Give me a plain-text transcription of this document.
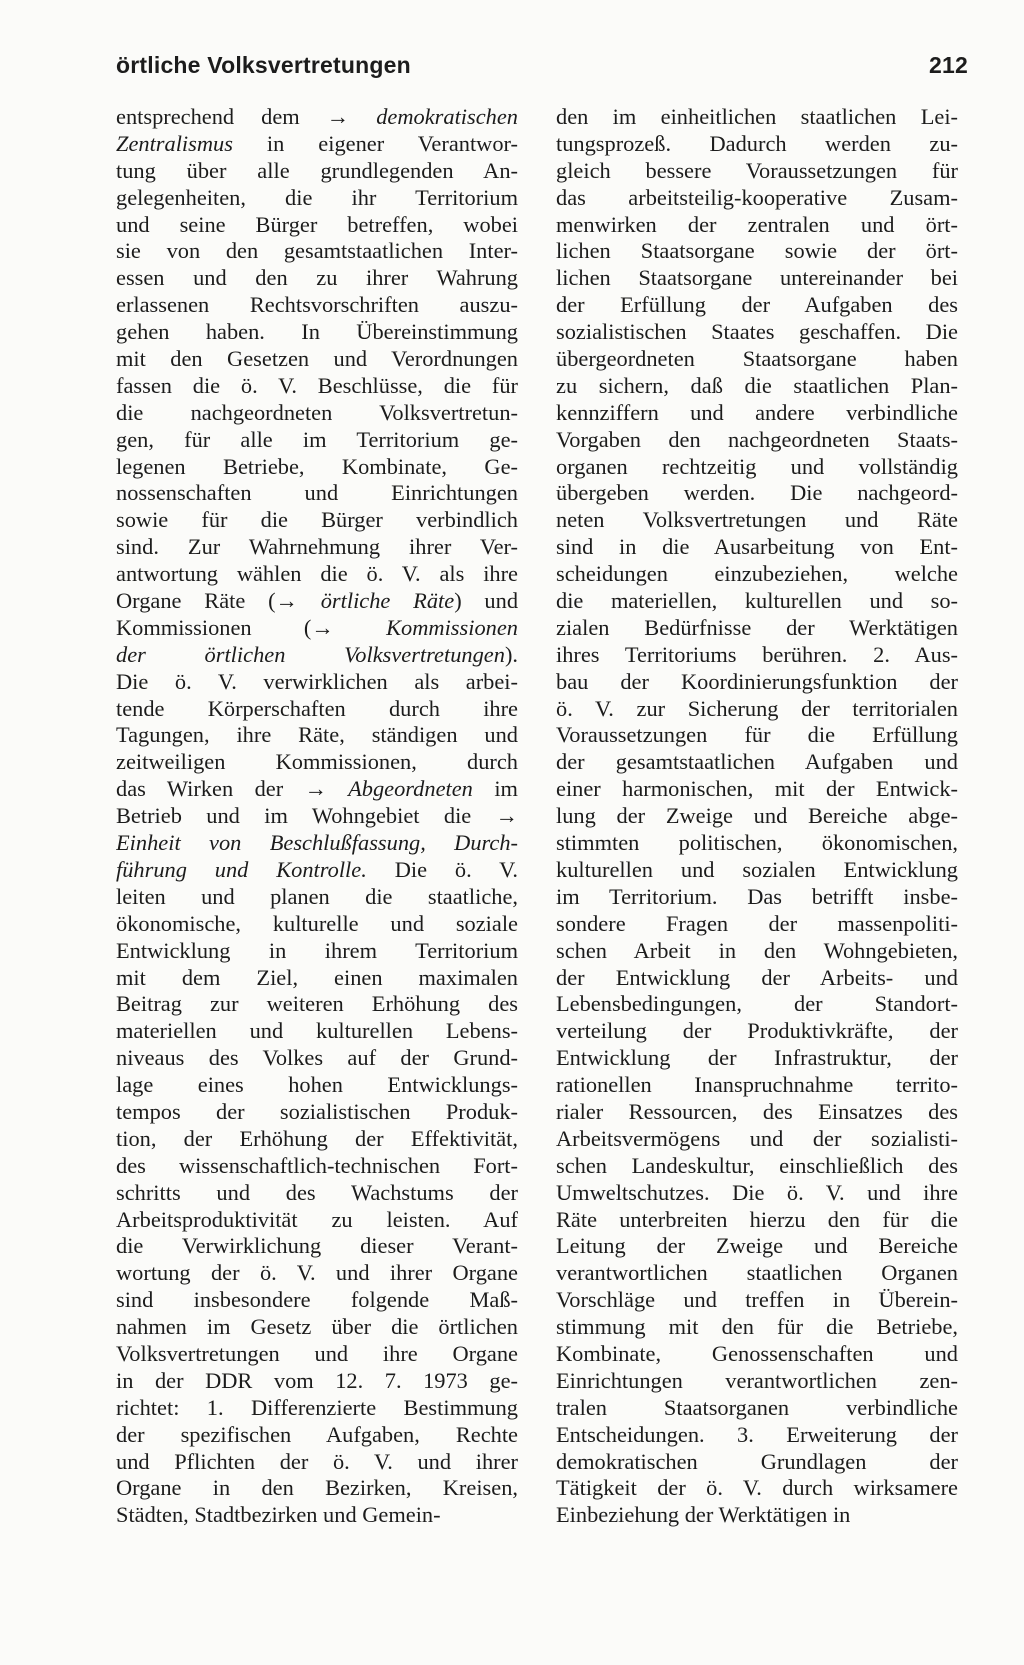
örtliche Volksvertretungen	212
entsprechend dem → demokratischen
Zentralismus in eigener Verantwor-
tung über alle grundlegenden An-
gelegenheiten, die ihr Territorium
und seine Bürger betreffen, wobei
sie von den gesamtstaatlichen Inter-
essen und den zu ihrer Wahrung
erlassenen Rechtsvorschriften auszu-
gehen haben. In Übereinstimmung
mit den Gesetzen und Verordnungen
fassen die ö. V. Beschlüsse, die für
die nachgeordneten Volksvertretun-
gen, für alle im Territorium ge-
legenen Betriebe, Kombinate, Ge-
nossenschaften und Einrichtungen
sowie für die Bürger verbindlich
sind. Zur Wahrnehmung ihrer Ver-
antwortung wählen die ö. V. als ihre
Organe Räte (→ örtliche Räte) und
Kommissionen (→ Kommissionen
der örtlichen Volksvertretungen).
Die ö. V. verwirklichen als arbei-
tende Körperschaften durch ihre
Tagungen, ihre Räte, ständigen und
zeitweiligen Kommissionen, durch
das Wirken der → Abgeordneten im
Betrieb und im Wohngebiet die →
Einheit von Beschlußfassung, Durch-
führung und Kontrolle. Die ö. V.
leiten und planen die staatliche,
ökonomische, kulturelle und soziale
Entwicklung in ihrem Territorium
mit dem Ziel, einen maximalen
Beitrag zur weiteren Erhöhung des
materiellen und kulturellen Lebens-
niveaus des Volkes auf der Grund-
lage eines hohen Entwicklungs-
tempos der sozialistischen Produk-
tion, der Erhöhung der Effektivität,
des wissenschaftlich-technischen Fort-
schritts und des Wachstums der
Arbeitsproduktivität zu leisten. Auf
die Verwirklichung dieser Verant-
wortung der ö. V. und ihrer Organe
sind insbesondere folgende Maß-
nahmen im Gesetz über die örtlichen
Volksvertretungen und ihre Organe
in der DDR vom 12. 7. 1973 ge-
richtet: 1. Differenzierte Bestimmung
der spezifischen Aufgaben, Rechte
und Pflichten der ö. V. und ihrer
Organe in den Bezirken, Kreisen,
Städten, Stadtbezirken und Gemein-
den im einheitlichen staatlichen Lei-
tungsprozeß. Dadurch werden zu-
gleich bessere Voraussetzungen für
das arbeitsteilig-kooperative Zusam-
menwirken der zentralen und ört-
lichen Staatsorgane sowie der ört-
lichen Staatsorgane untereinander bei
der Erfüllung der Aufgaben des
sozialistischen Staates geschaffen. Die
übergeordneten Staatsorgane haben
zu sichern, daß die staatlichen Plan-
kennziffern und andere verbindliche
Vorgaben den nachgeordneten Staats-
organen rechtzeitig und vollständig
übergeben werden. Die nachgeord-
neten Volksvertretungen und Räte
sind in die Ausarbeitung von Ent-
scheidungen einzubeziehen, welche
die materiellen, kulturellen und so-
zialen Bedürfnisse der Werktätigen
ihres Territoriums berühren. 2. Aus-
bau der Koordinierungsfunktion der
ö. V. zur Sicherung der territorialen
Voraussetzungen für die Erfüllung
der gesamtstaatlichen Aufgaben und
einer harmonischen, mit der Entwick-
lung der Zweige und Bereiche abge-
stimmten politischen, ökonomischen,
kulturellen und sozialen Entwicklung
im Territorium. Das betrifft insbe-
sondere Fragen der massenpoliti-
schen Arbeit in den Wohngebieten,
der Entwicklung der Arbeits- und
Lebensbedingungen, der Standort-
verteilung der Produktivkräfte, der
Entwicklung der Infrastruktur, der
rationellen Inanspruchnahme territo-
rialer Ressourcen, des Einsatzes des
Arbeitsvermögens und der sozialisti-
schen Landeskultur, einschließlich des
Umweltschutzes. Die ö. V. und ihre
Räte unterbreiten hierzu den für die
Leitung der Zweige und Bereiche
verantwortlichen staatlichen Organen
Vorschläge und treffen in Überein-
stimmung mit den für die Betriebe,
Kombinate, Genossenschaften und
Einrichtungen verantwortlichen zen-
tralen Staatsorganen verbindliche
Entscheidungen. 3. Erweiterung der
demokratischen Grundlagen der
Tätigkeit der ö. V. durch wirksamere
Einbeziehung der Werktätigen in
